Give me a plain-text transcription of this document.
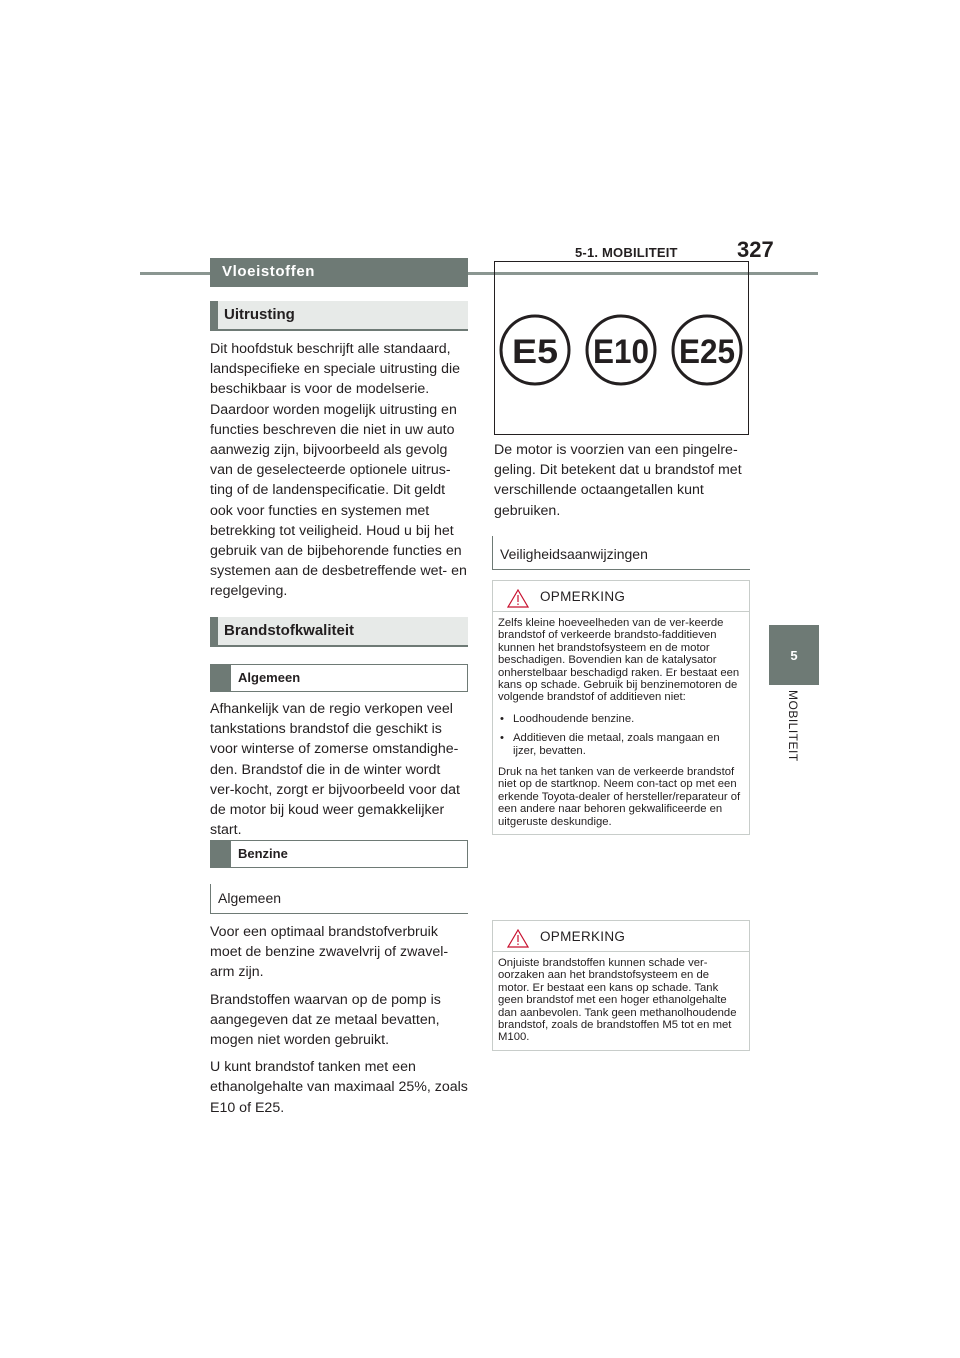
5-1. MOBILITEIT	327
5
MOBILITEIT
Vloeistoffen
Uitrusting

Dit hoofdstuk beschrijft alle standaard, landspecifieke en speciale uitrusting die beschikbaar is voor de modelserie. Daardoor worden mogelijk uitrusting en functies beschreven die niet in uw auto aanwezig zijn, bijvoorbeeld als gevolg van de geselecteerde optionele uitrus-ting of de landenspecificatie. Dit geldt ook voor functies en systemen met betrekking tot veiligheid. Houd u bij het gebruik van de bijbehorende functies en systemen aan de desbetreffende wet- en regelgeving.

Brandstofkwaliteit
Algemeen

Afhankelijk van de regio verkopen veel tankstations brandstof die geschikt is voor winterse of zomerse omstandighe-den. Brandstof die in de winter wordt ver-kocht, zorgt er bijvoorbeeld voor dat de motor bij koud weer gemakkelijker start.

Benzine
Algemeen

Voor een optimaal brandstofverbruik moet de benzine zwavelvrij of zwavel-arm zijn.

Brandstoffen waarvan op de pomp is aangegeven dat ze metaal bevatten, mogen niet worden gebruikt.

U kunt brandstof tanken met een ethanolgehalte van maximaal 25%, zoals E10 of E25.

E5 E10 E25

De motor is voorzien van een pingelre-geling. Dit betekent dat u brandstof met verschillende octaangetallen kunt gebruiken.

Veiligheidsaanwijzingen
OPMERKING

Zelfs kleine hoeveelheden van de ver-keerde brandstof of verkeerde brandsto-fadditieven kunnen het brandstofsysteem en de motor beschadigen. Bovendien kan de katalysator onherstelbaar beschadigd raken. Er bestaat een kans op schade. Gebruik bij benzinemotoren de volgende brandstof of additieven niet:

• Loodhoudende benzine.
• Additieven die metaal, zoals mangaan en ijzer, bevatten.

Druk na het tanken van de verkeerde brandstof niet op de startknop. Neem con-tact op met een erkende Toyota-dealer of hersteller/reparateur of een andere naar behoren gekwalificeerde en uitgeruste deskundige.

OPMERKING

Onjuiste brandstoffen kunnen schade ver-oorzaken aan het brandstofsysteem en de motor. Er bestaat een kans op schade. Tank geen brandstof met een hoger ethanolgehalte dan aanbevolen. Tank geen methanolhoudende brandstof, zoals de brandstoffen M5 tot en met M100.
